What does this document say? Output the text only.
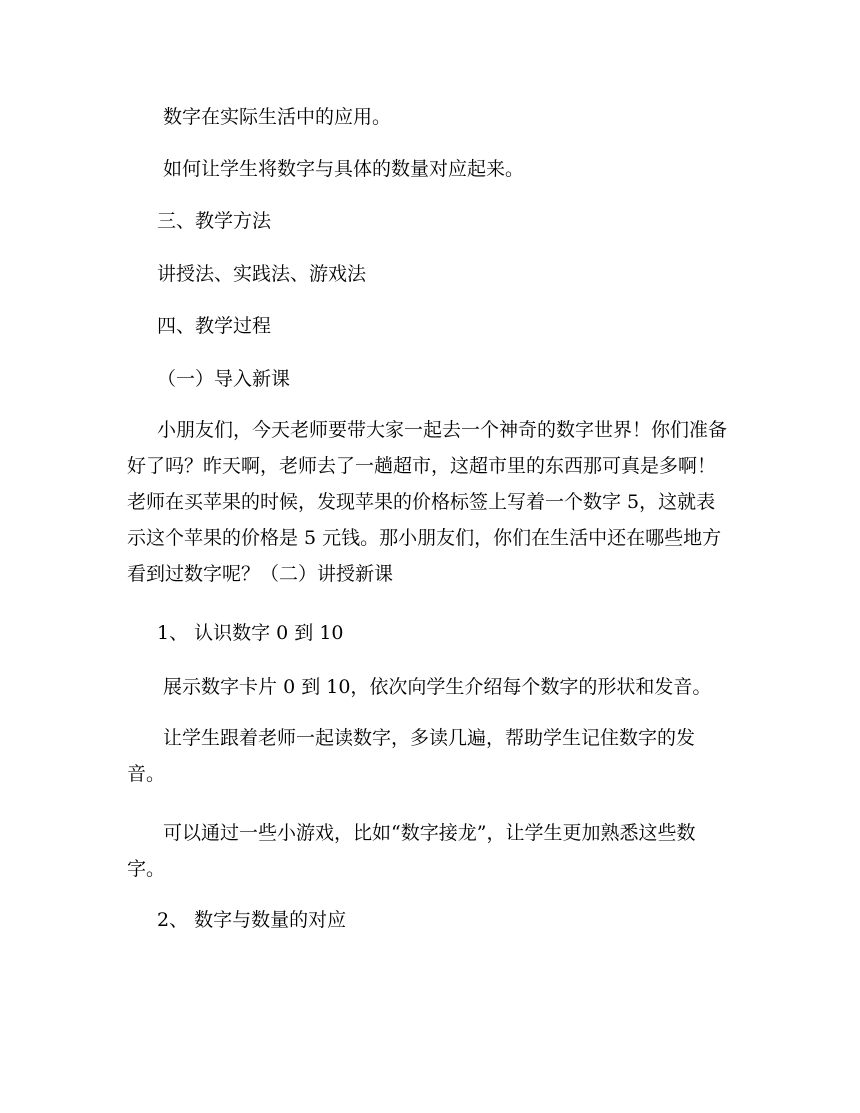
数字在实际生活中的应用。

如何让学生将数字与具体的数量对应起来。

三、教学方法

讲授法、实践法、游戏法

四、教学过程

（一）导入新课

小朋友们，今天老师要带大家一起去一个神奇的数字世界！你们准备好了吗？昨天啊，老师去了一趟超市，这超市里的东西那可真是多啊！老师在买苹果的时候，发现苹果的价格标签上写着一个数字 5，这就表示这个苹果的价格是 5 元钱。那小朋友们，你们在生活中还在哪些地方看到过数字呢？（二）讲授新课

1、 认识数字 0 到 10

展示数字卡片 0 到 10，依次向学生介绍每个数字的形状和发音。

让学生跟着老师一起读数字，多读几遍，帮助学生记住数字的发音。

可以通过一些小游戏，比如“数字接龙”，让学生更加熟悉这些数字。

2、 数字与数量的对应
